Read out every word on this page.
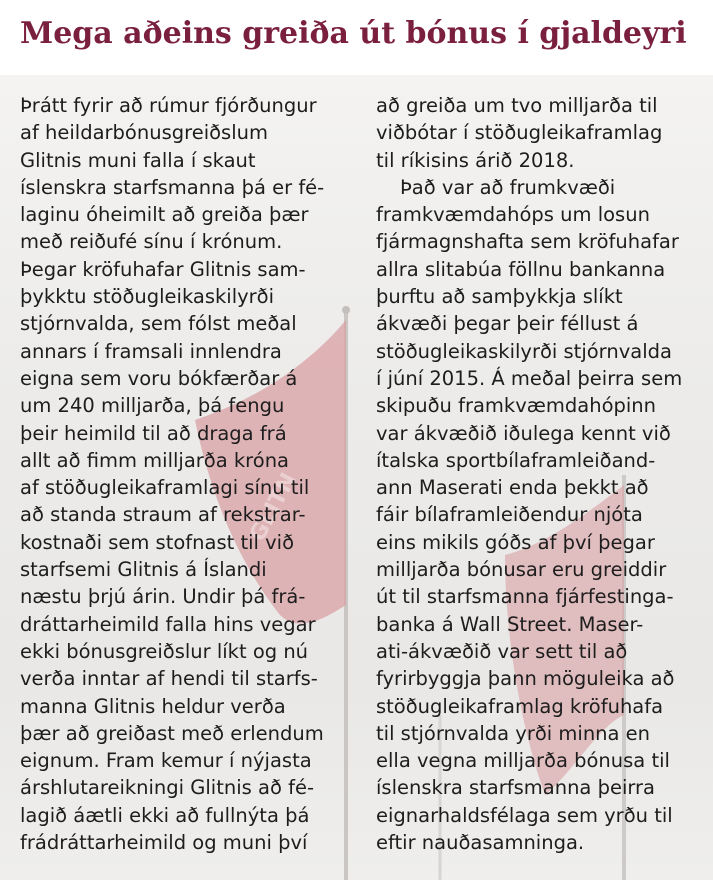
GLITN
Mega aðeins greiða út bónus í gjaldeyri
Þrátt fyrir að rúmur fjórðungur
af heildarbónusgreiðslum
Glitnis muni falla í skaut
íslenskra starfsmanna þá er fé-
laginu óheimilt að greiða þær
með reiðufé sínu í krónum.
Þegar kröfuhafar Glitnis sam-
þykktu stöðugleikaskilyrði
stjórnvalda, sem fólst meðal
annars í framsali innlendra
eigna sem voru bókfærðar á
um 240 milljarða, þá fengu
þeir heimild til að draga frá
allt að fimm milljarða króna
af stöðugleikaframlagi sínu til
að standa straum af rekstrar-
kostnaði sem stofnast til við
starfsemi Glitnis á Íslandi
næstu þrjú árin. Undir þá frá-
dráttarheimild falla hins vegar
ekki bónusgreiðslur líkt og nú
verða inntar af hendi til starfs-
manna Glitnis heldur verða
þær að greiðast með erlendum
eignum. Fram kemur í nýjasta
árshlutareikningi Glitnis að fé-
lagið áætli ekki að fullnýta þá
frádráttarheimild og muni því
að greiða um tvo milljarða til
viðbótar í stöðugleikaframlag
til ríkisins árið 2018.
Það var að frumkvæði
framkvæmdahóps um losun
fjármagnshafta sem kröfuhafar
allra slitabúa föllnu bankanna
þurftu að samþykkja slíkt
ákvæði þegar þeir féllust á
stöðugleikaskilyrði stjórnvalda
í júní 2015. Á meðal þeirra sem
skipuðu framkvæmdahópinn
var ákvæðið iðulega kennt við
ítalska sportbílaframleiðand-
ann Maserati enda þekkt að
fáir bílaframleiðendur njóta
eins mikils góðs af því þegar
milljarða bónusar eru greiddir
út til starfsmanna fjárfestinga-
banka á Wall Street. Maser-
ati-ákvæðið var sett til að
fyrirbyggja þann möguleika að
stöðugleikaframlag kröfuhafa
til stjórnvalda yrði minna en
ella vegna milljarða bónusa til
íslenskra starfsmanna þeirra
eignarhaldsfélaga sem yrðu til
eftir nauðasamninga.
